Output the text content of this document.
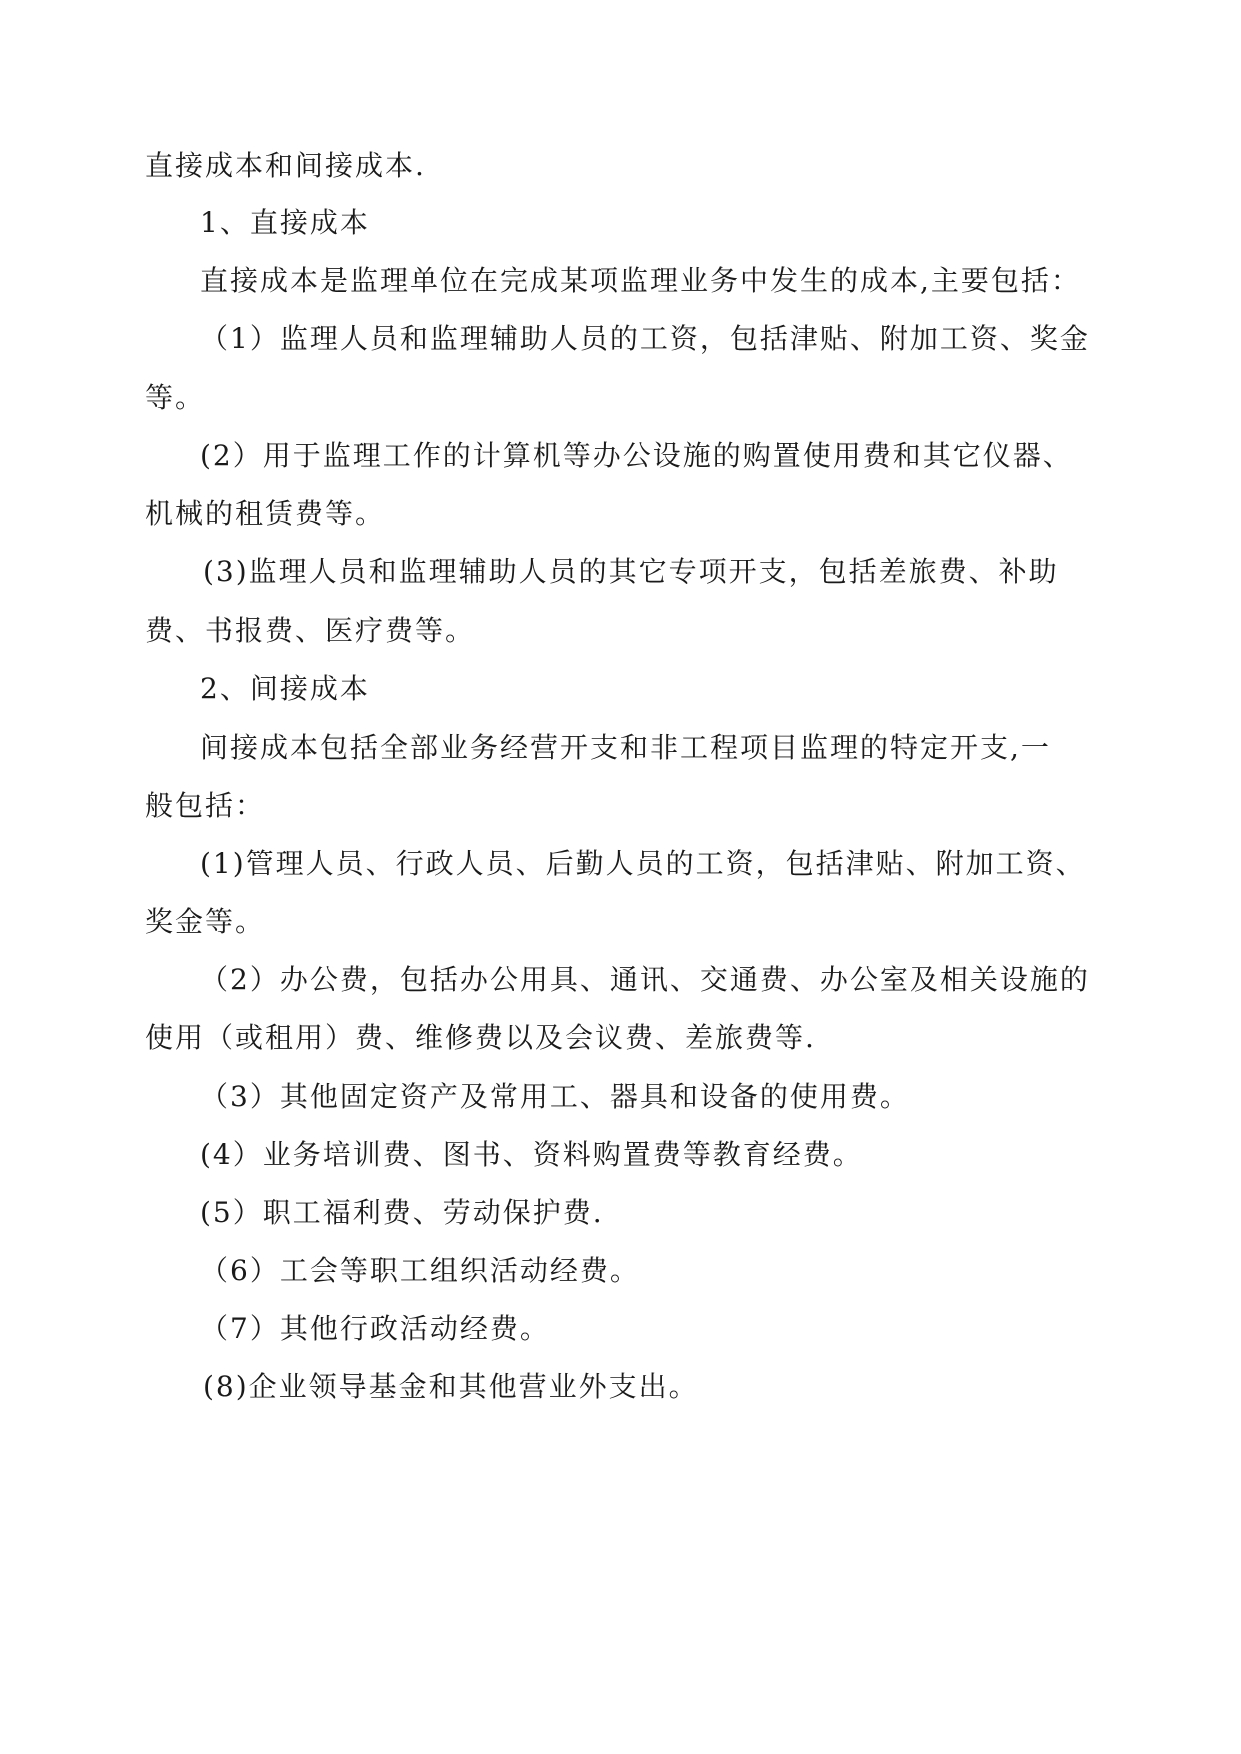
直接成本和间接成本.
1、直接成本
直接成本是监理单位在完成某项监理业务中发生的成本,主要包括：
（1）监理人员和监理辅助人员的工资，包括津贴、附加工资、奖金
等。
(2）用于监理工作的计算机等办公设施的购置使用费和其它仪器、
机械的租赁费等。
(3)监理人员和监理辅助人员的其它专项开支，包括差旅费、补助
费、书报费、医疗费等。
2、间接成本
间接成本包括全部业务经营开支和非工程项目监理的特定开支,一
般包括：
(1)管理人员、行政人员、后勤人员的工资，包括津贴、附加工资、
奖金等。
（2）办公费，包括办公用具、通讯、交通费、办公室及相关设施的
使用（或租用）费、维修费以及会议费、差旅费等.
（3）其他固定资产及常用工、器具和设备的使用费。
(4）业务培训费、图书、资料购置费等教育经费。
(5）职工福利费、劳动保护费.
（6）工会等职工组织活动经费。
（7）其他行政活动经费。
(8)企业领导基金和其他营业外支出。
